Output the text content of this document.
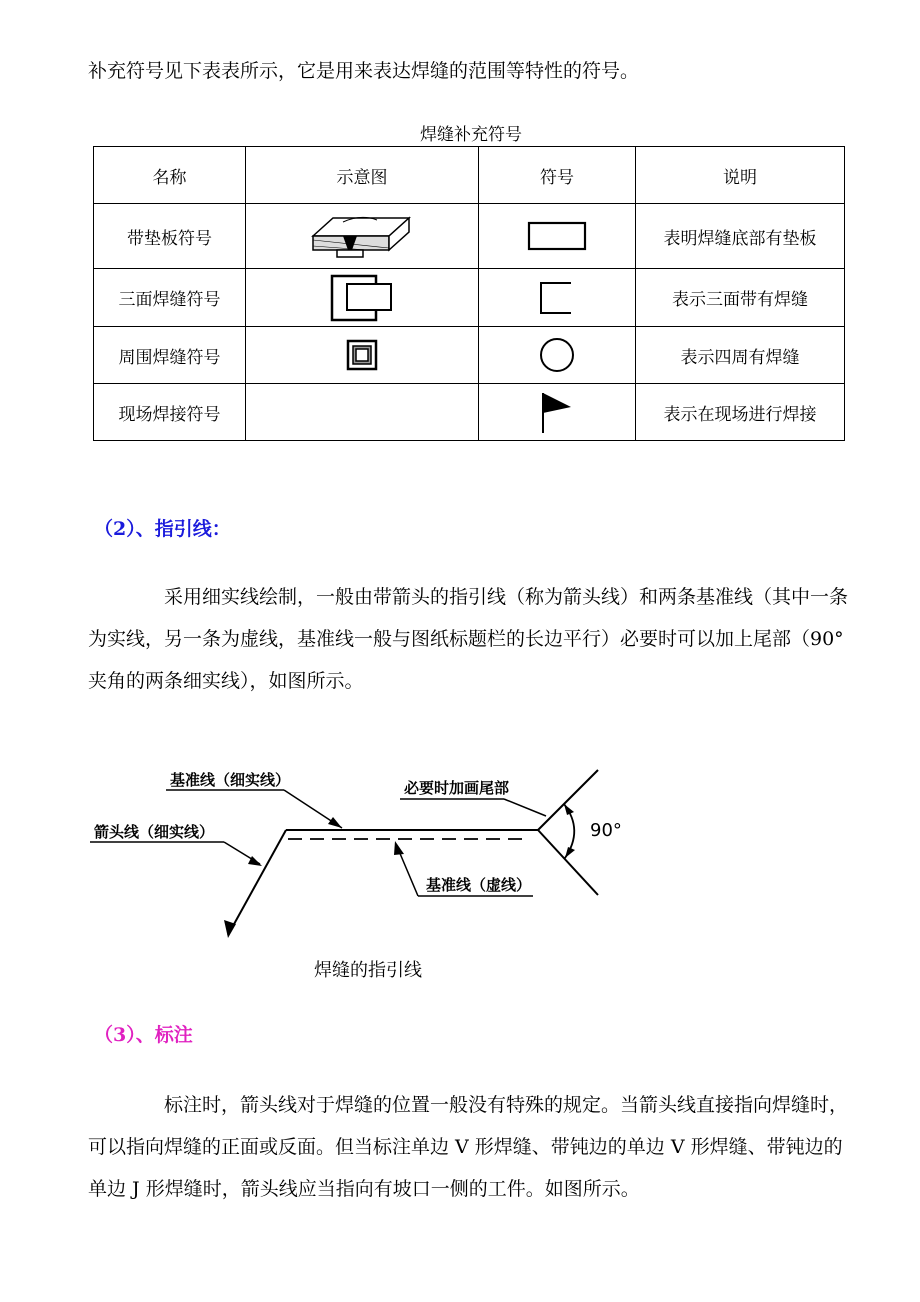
补充符号见下表表所示，它是用来表达焊缝的范围等特性的符号。

焊缝补充符号

名称	示意图	符号	说明
带垫板符号			表明焊缝底部有垫板
三面焊缝符号			表示三面带有焊缝
周围焊缝符号			表示四周有焊缝
现场焊接符号			表示在现场进行焊接

（2）、指引线：

采用细实线绘制，一般由带箭头的指引线（称为箭头线）和两条基准线（其中一条为实线，另一条为虚线，基准线一般与图纸标题栏的长边平行）必要时可以加上尾部（90° 夹角的两条细实线），如图所示。

基准线（细实线）
箭头线（细实线）
必要时加画尾部
基准线（虚线）
90°

焊缝的指引线

（3）、标注

标注时，箭头线对于焊缝的位置一般没有特殊的规定。当箭头线直接指向焊缝时，可以指向焊缝的正面或反面。但当标注单边 V 形焊缝、带钝边的单边 V 形焊缝、带钝边的单边 J 形焊缝时，箭头线应当指向有坡口一侧的工件。如图所示。
